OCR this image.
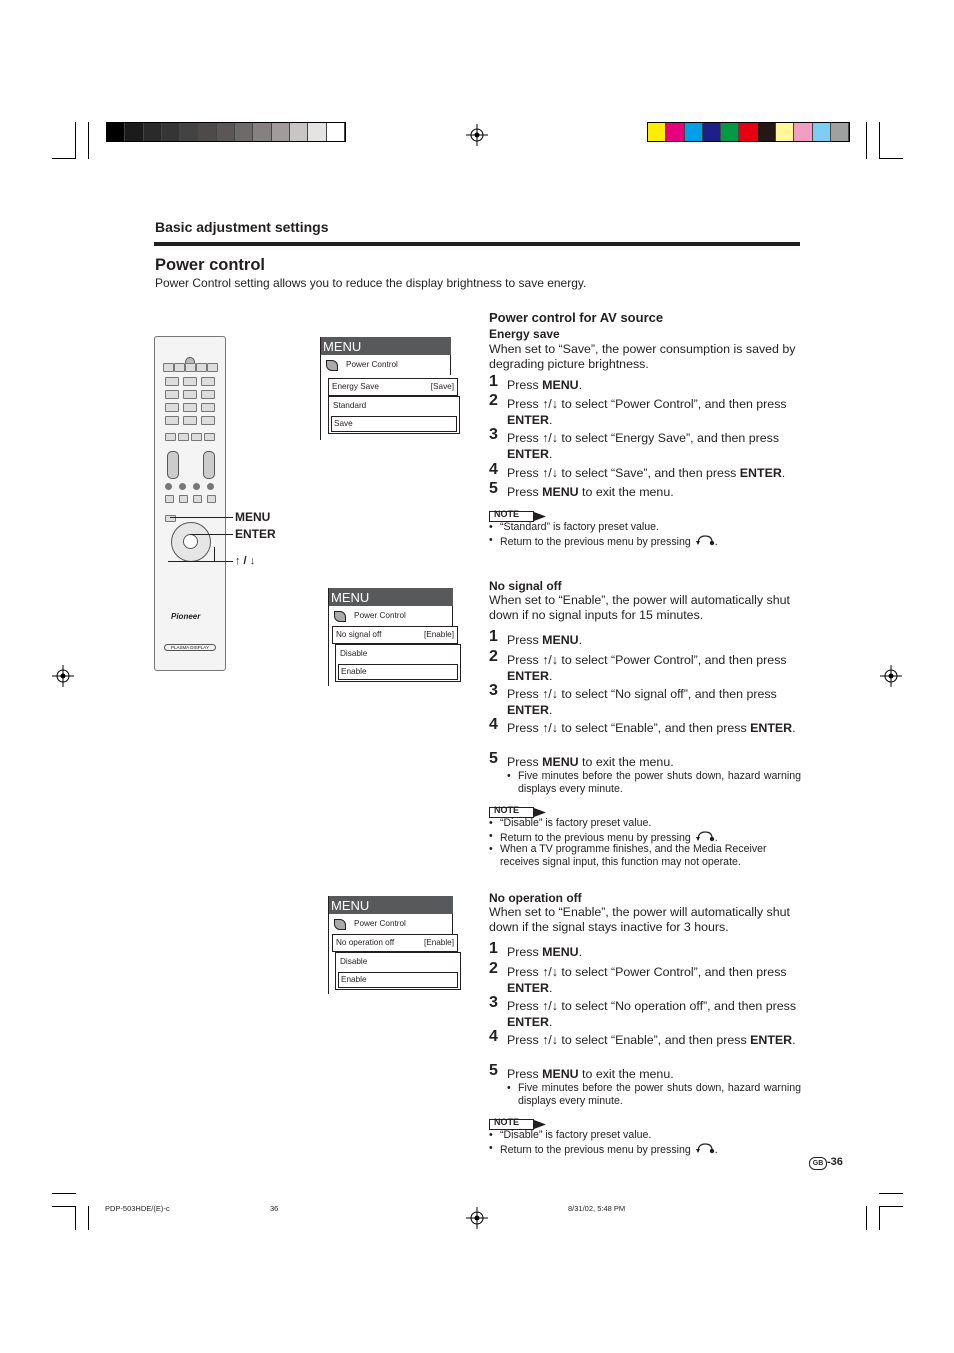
Basic adjustment settings
Power control
Power Control setting allows you to reduce the display brightness to save energy.
Pioneer
PLASMA DISPLAY
MENU
ENTER
↑ / ↓
MENU
Power Control
Energy Save	[Save]
Standard
Save
MENU
Power Control
No signal off	[Enable]
Disable
Enable
MENU
Power Control
No operation off	[Enable]
Disable
Enable
Power control for AV source
Energy save
When set to “Save”, the power consumption is saved by degrading picture brightness.
No signal off
When set to “Enable”, the power will automatically shut down if no signal inputs for 15 minutes.
No operation off
When set to “Enable”, the power will automatically shut down if the signal stays inactive for 3 hours.
1 Press MENU.
2 Press ↑/↓ to select “Power Control”, and then press ENTER.
3 Press ↑/↓ to select “Energy Save”, and then press ENTER.
4 Press ↑/↓ to select “Save”, and then press ENTER.
5 Press MENU to exit the menu.
1 Press MENU.
2 Press ↑/↓ to select “Power Control”, and then press ENTER.
3 Press ↑/↓ to select “No signal off”, and then press ENTER.
4 Press ↑/↓ to select “Enable”, and then press ENTER.
5 Press MENU to exit the menu.
• Five minutes before the power shuts down, hazard warning displays every minute.
1 Press MENU.
2 Press ↑/↓ to select “Power Control”, and then press ENTER.
3 Press ↑/↓ to select “No operation off”, and then press ENTER.
4 Press ↑/↓ to select “Enable”, and then press ENTER.
5 Press MENU to exit the menu.
• Five minutes before the power shuts down, hazard warning displays every minute.
NOTE
• “Standard” is factory preset value.
• Return to the previous menu by pressing .
NOTE
• “Disable” is factory preset value.
• Return to the previous menu by pressing .
• When a TV programme finishes, and the Media Receiver receives signal input, this function may not operate.
NOTE
• “Disable” is factory preset value.
• Return to the previous menu by pressing .
GB -36
PDP-503HDE/(E)-c	36	8/31/02, 5:48 PM
